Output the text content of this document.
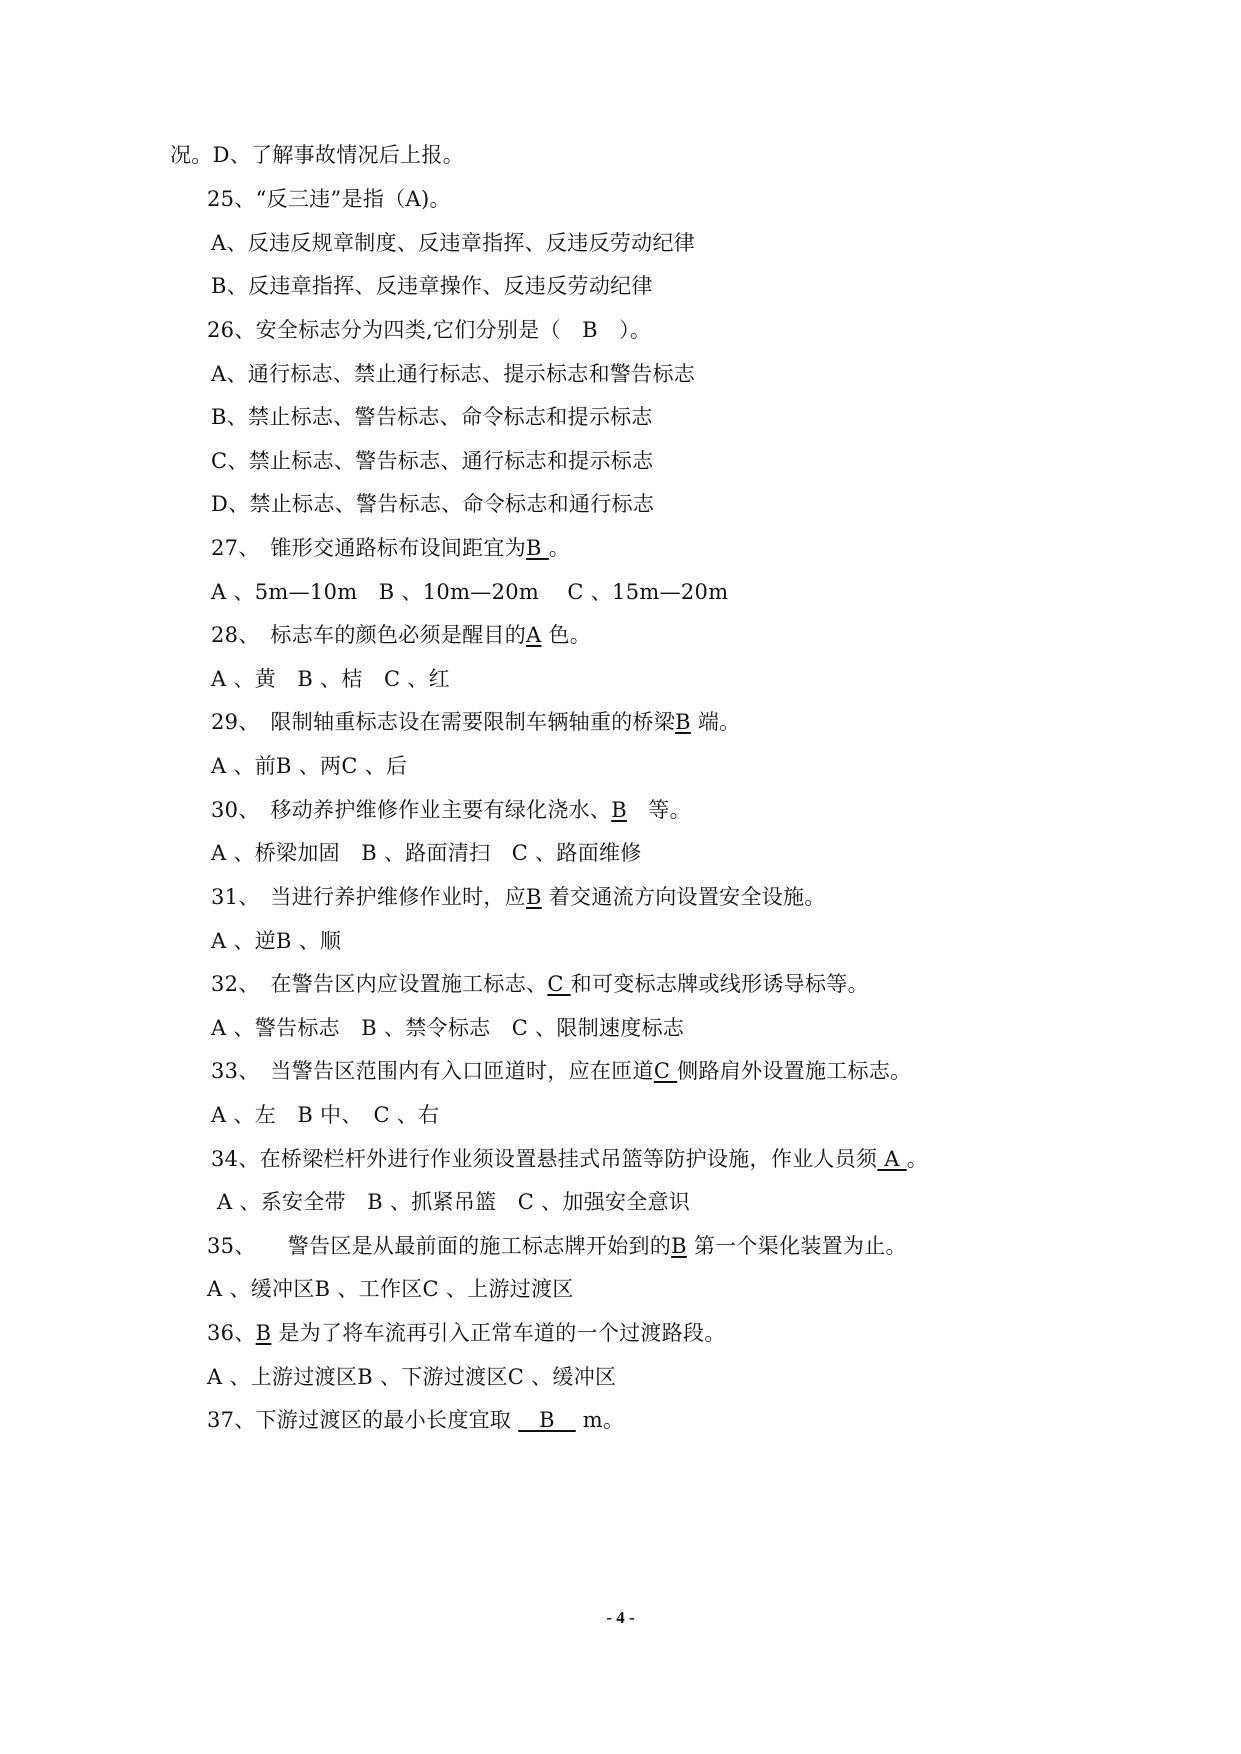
况。D、了解事故情况后上报。
25、“反三违”是指（A)。
A、反违反规章制度、反违章指挥、反违反劳动纪律
B、反违章指挥、反违章操作、反违反劳动纪律
26、安全标志分为四类,它们分别是（　B　）。
A、通行标志、禁止通行标志、提示标志和警告标志
B、禁止标志、警告标志、命令标志和提示标志
C、禁止标志、警告标志、通行标志和提示标志
D、禁止标志、警告标志、命令标志和通行标志
27、　锥形交通路标布设间距宜为B 。
A 、5m—10m　B 、10m—20m　 C 、15m—20m
28、　标志车的颜色必须是醒目的A 色。
A 、黄　B 、桔　C 、红
29、　限制轴重标志设在需要限制车辆轴重的桥梁B 端。
A 、前B 、两C 、后
30、　移动养护维修作业主要有绿化浇水、B　等。
A 、桥梁加固　B 、路面清扫　C 、路面维修
31、　当进行养护维修作业时，应B 着交通流方向设置安全设施。
A 、逆B 、顺
32、　在警告区内应设置施工标志、C 和可变标志牌或线形诱导标等。
A 、警告标志　B 、禁令标志　C 、限制速度标志
33、　当警告区范围内有入口匝道时，应在匝道C 侧路肩外设置施工标志。
A 、左　B 中、　C 、右
34、在桥梁栏杆外进行作业须设置悬挂式吊篮等防护设施，作业人员须 A 。
A 、系安全带　B 、抓紧吊篮　C 、加强安全意识
35、　　警告区是从最前面的施工标志牌开始到的B 第一个渠化装置为止。
A 、缓冲区B 、工作区C 、上游过渡区
36、B 是为了将车流再引入正常车道的一个过渡路段。
A 、上游过渡区B 、下游过渡区C 、缓冲区
37、下游过渡区的最小长度宜取    B    m。
- 4 -
